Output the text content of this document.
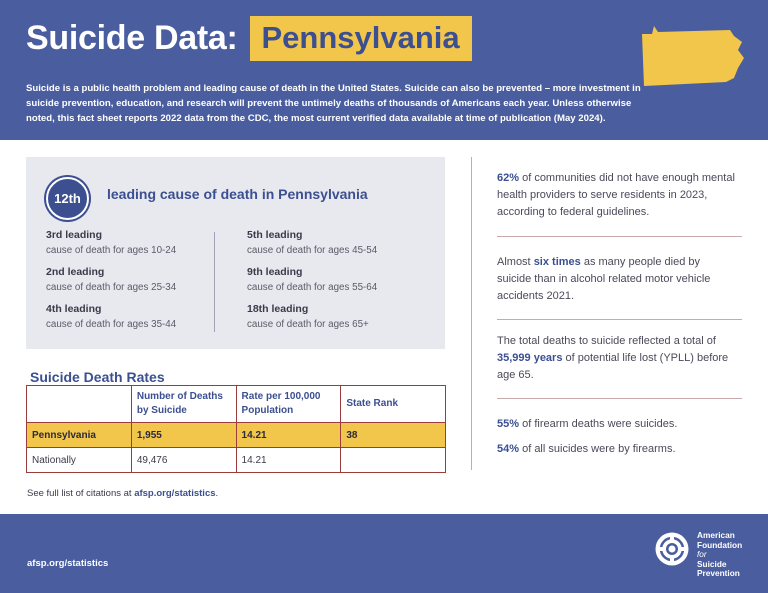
Suicide Data: Pennsylvania

Suicide is a public health problem and leading cause of death in the United States. Suicide can also be prevented – more investment in suicide prevention, education, and research will prevent the untimely deaths of thousands of Americans each year. Unless otherwise noted, this fact sheet reports 2022 data from the CDC, the most current verified data available at time of publication (May 2024).

12th	leading cause of death in Pennsylvania
3rd leading
cause of death for ages 10-24
2nd leading
cause of death for ages 25-34
4th leading
cause of death for ages 35-44
5th leading
cause of death for ages 45-54
9th leading
cause of death for ages 55-64
18th leading
cause of death for ages 65+
Suicide Death Rates
	Number of Deaths by Suicide	Rate per 100,000 Population	State Rank
Pennsylvania	1,955	14.21	38
Nationally	49,476	14.21	
See full list of citations at afsp.org/statistics.

62% of communities did not have enough mental health providers to serve residents in 2023, according to federal guidelines.

Almost six times as many people died by suicide than in alcohol related motor vehicle accidents 2021.

The total deaths to suicide reflected a total of 35,999 years of potential life lost (YPLL) before age 65.

55% of firearm deaths were suicides.

54% of all suicides were by firearms.

afsp.org/statistics
American
Foundation
for
Suicide
Prevention
